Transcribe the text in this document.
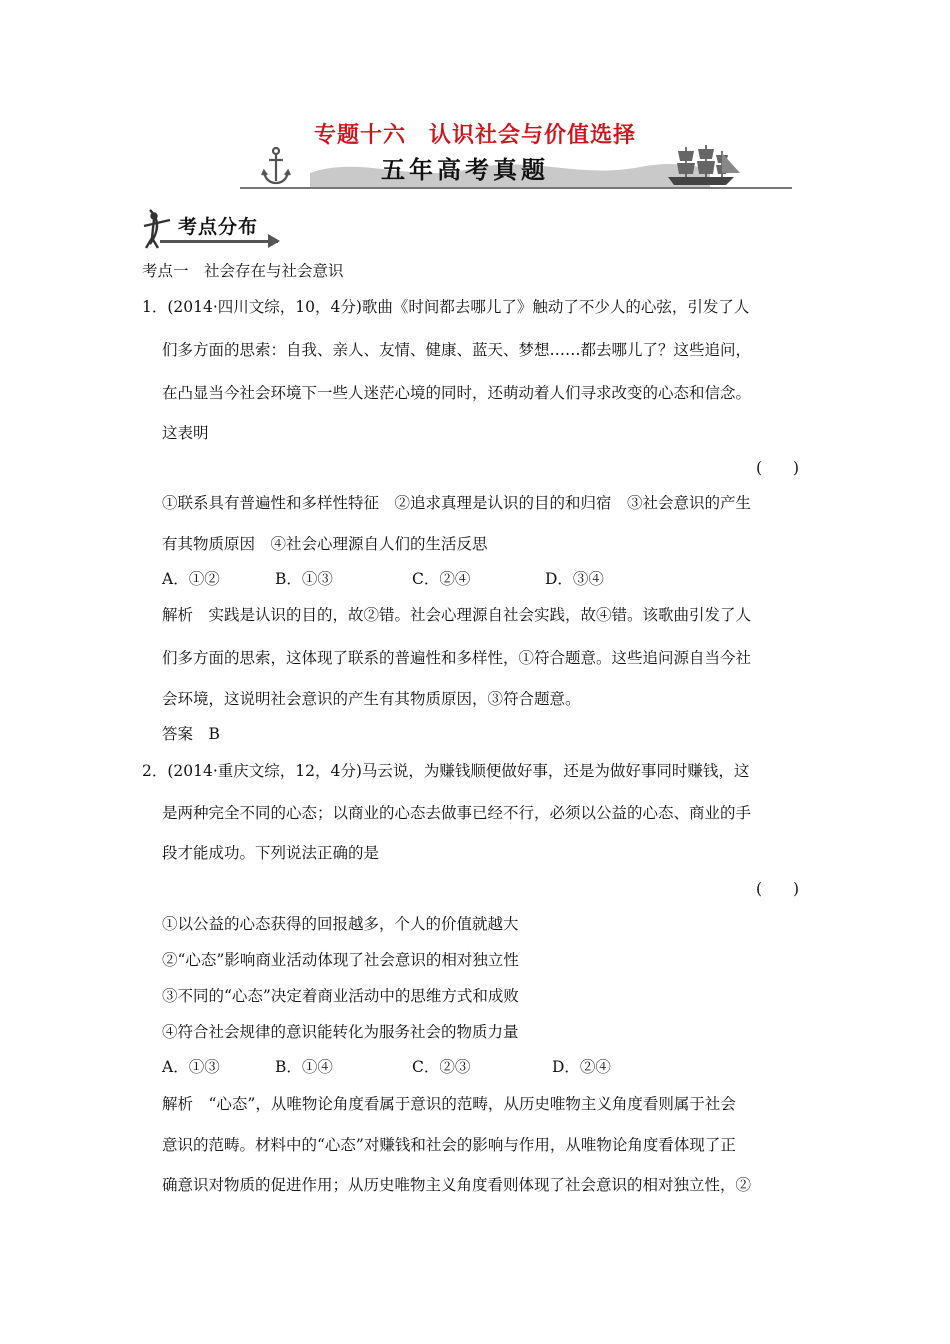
专题十六　认识社会与价值选择
五年高考真题
考点分布
考点一　社会存在与社会意识
1．(2014·四川文综，10，4分)歌曲《时间都去哪儿了》触动了不少人的心弦，引发了人
们多方面的思索：自我、亲人、友情、健康、蓝天、梦想……都去哪儿了？这些追问，
在凸显当今社会环境下一些人迷茫心境的同时，还萌动着人们寻求改变的心态和信念。
这表明
(　　)
①联系具有普遍性和多样性特征　②追求真理是认识的目的和归宿　③社会意识的产生
有其物质原因　④社会心理源自人们的生活反思
A．①②	B．①③	C．②④	D．③④
解析　实践是认识的目的，故②错。社会心理源自社会实践，故④错。该歌曲引发了人
们多方面的思索，这体现了联系的普遍性和多样性，①符合题意。这些追问源自当今社
会环境，这说明社会意识的产生有其物质原因，③符合题意。
答案　B
2．(2014·重庆文综，12，4分)马云说，为赚钱顺便做好事，还是为做好事同时赚钱，这
是两种完全不同的心态；以商业的心态去做事已经不行，必须以公益的心态、商业的手
段才能成功。下列说法正确的是
(　　)
①以公益的心态获得的回报越多，个人的价值就越大
②“心态”影响商业活动体现了社会意识的相对独立性
③不同的“心态”决定着商业活动中的思维方式和成败
④符合社会规律的意识能转化为服务社会的物质力量
A．①③	B．①④	C．②③	D．②④
解析　“心态”，从唯物论角度看属于意识的范畴，从历史唯物主义角度看则属于社会
意识的范畴。材料中的“心态”对赚钱和社会的影响与作用，从唯物论角度看体现了正
确意识对物质的促进作用；从历史唯物主义角度看则体现了社会意识的相对独立性，②
